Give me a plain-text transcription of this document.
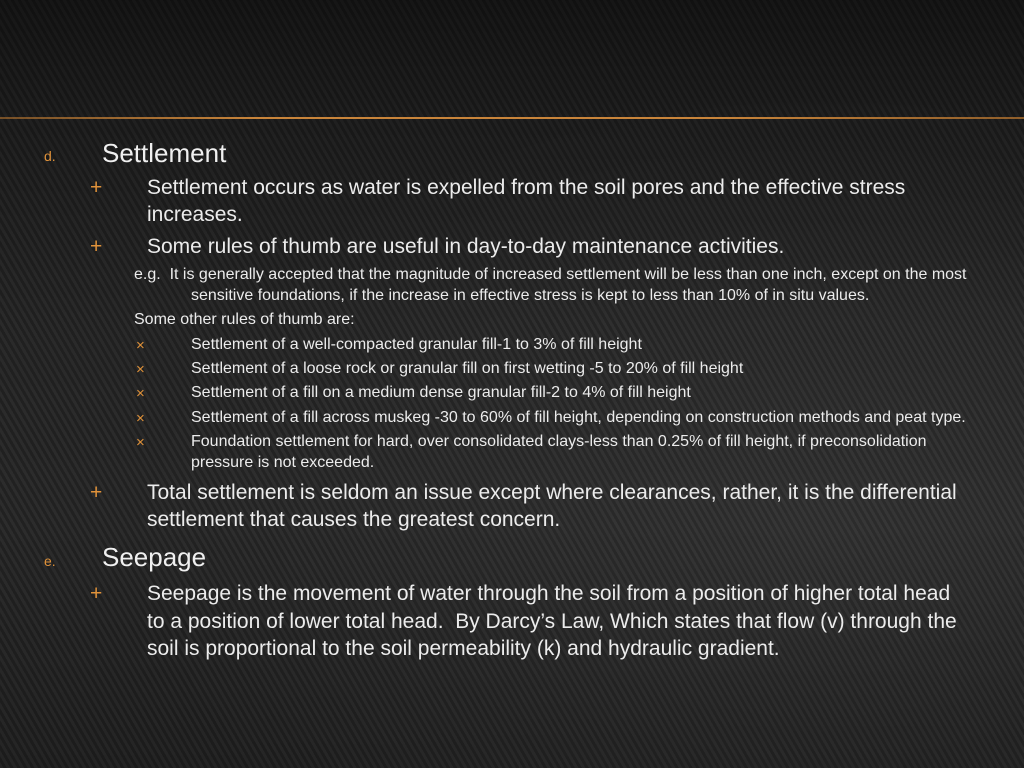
d. Settlement
+ Settlement occurs as water is expelled from the soil pores and the effective stress
increases.
+ Some rules of thumb are useful in day-to-day maintenance activities.
e.g.  It is generally accepted that the magnitude of increased settlement will be less than one inch, except on the most
sensitive foundations, if the increase in effective stress is kept to less than 10% of in situ values.
Some other rules of thumb are:
×	Settlement of a well-compacted granular fill-1 to 3% of fill height
×	Settlement of a loose rock or granular fill on first wetting -5 to 20% of fill height
×	Settlement of a fill on a medium dense granular fill-2 to 4% of fill height
×	Settlement of a fill across muskeg -30 to 60% of fill height, depending on construction methods and peat type.
×	Foundation settlement for hard, over consolidated clays-less than 0.25% of fill height, if preconsolidation
pressure is not exceeded.
+ Total settlement is seldom an issue except where clearances, rather, it is the differential
settlement that causes the greatest concern.
e. Seepage
+ Seepage is the movement of water through the soil from a position of higher total head
to a position of lower total head.  By Darcy’s Law, Which states that flow (v) through the
soil is proportional to the soil permeability (k) and hydraulic gradient.
